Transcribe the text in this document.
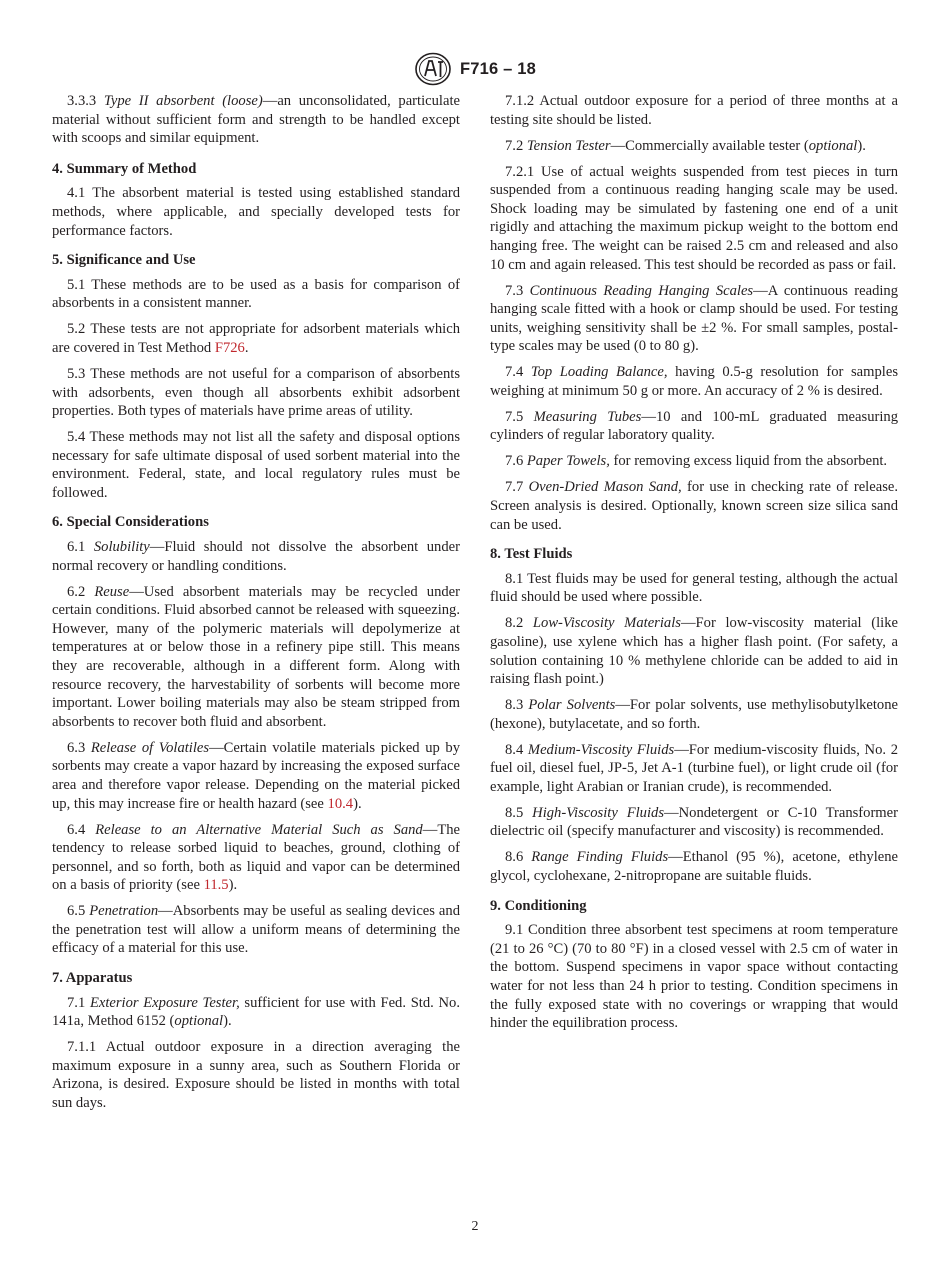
F716 – 18

3.3.3 Type II absorbent (loose)—an unconsolidated, particulate material without sufficient form and strength to be handled except with scoops and similar equipment.

4. Summary of Method

4.1 The absorbent material is tested using established standard methods, where applicable, and specially developed tests for performance factors.

5. Significance and Use

5.1 These methods are to be used as a basis for comparison of absorbents in a consistent manner.

5.2 These tests are not appropriate for adsorbent materials which are covered in Test Method F726.

5.3 These methods are not useful for a comparison of absorbents with adsorbents, even though all absorbents exhibit adsorbent properties. Both types of materials have prime areas of utility.

5.4 These methods may not list all the safety and disposal options necessary for safe ultimate disposal of used sorbent material into the environment. Federal, state, and local regulatory rules must be followed.

6. Special Considerations

6.1 Solubility—Fluid should not dissolve the absorbent under normal recovery or handling conditions.

6.2 Reuse—Used absorbent materials may be recycled under certain conditions. Fluid absorbed cannot be released with squeezing. However, many of the polymeric materials will depolymerize at temperatures at or below those in a refinery pipe still. This means they are recoverable, although in a different form. Along with resource recovery, the harvestability of sorbents will become more important. Lower boiling materials may also be steam stripped from absorbents to recover both fluid and absorbent.

6.3 Release of Volatiles—Certain volatile materials picked up by sorbents may create a vapor hazard by increasing the exposed surface area and therefore vapor release. Depending on the material picked up, this may increase fire or health hazard (see 10.4).

6.4 Release to an Alternative Material Such as Sand—The tendency to release sorbed liquid to beaches, ground, clothing of personnel, and so forth, both as liquid and vapor can be determined on a basis of priority (see 11.5).

6.5 Penetration—Absorbents may be useful as sealing devices and the penetration test will allow a uniform means of determining the efficacy of a material for this use.

7. Apparatus

7.1 Exterior Exposure Tester, sufficient for use with Fed. Std. No. 141a, Method 6152 (optional).

7.1.1 Actual outdoor exposure in a direction averaging the maximum exposure in a sunny area, such as Southern Florida or Arizona, is desired. Exposure should be listed in months with total sun days.

7.1.2 Actual outdoor exposure for a period of three months at a testing site should be listed.

7.2 Tension Tester—Commercially available tester (optional).

7.2.1 Use of actual weights suspended from test pieces in turn suspended from a continuous reading hanging scale may be used. Shock loading may be simulated by fastening one end of a unit rigidly and attaching the maximum pickup weight to the bottom end hanging free. The weight can be raised 2.5 cm and released and also 10 cm and again released. This test should be recorded as pass or fail.

7.3 Continuous Reading Hanging Scales—A continuous reading hanging scale fitted with a hook or clamp should be used. For testing units, weighing sensitivity shall be ±2 %. For small samples, postal-type scales may be used (0 to 80 g).

7.4 Top Loading Balance, having 0.5-g resolution for samples weighing at minimum 50 g or more. An accuracy of 2 % is desired.

7.5 Measuring Tubes—10 and 100-mL graduated measuring cylinders of regular laboratory quality.

7.6 Paper Towels, for removing excess liquid from the absorbent.

7.7 Oven-Dried Mason Sand, for use in checking rate of release. Screen analysis is desired. Optionally, known screen size silica sand can be used.

8. Test Fluids

8.1 Test fluids may be used for general testing, although the actual fluid should be used where possible.

8.2 Low-Viscosity Materials—For low-viscosity material (like gasoline), use xylene which has a higher flash point. (For safety, a solution containing 10 % methylene chloride can be added to aid in raising flash point.)

8.3 Polar Solvents—For polar solvents, use methylisobutylketone (hexone), butylacetate, and so forth.

8.4 Medium-Viscosity Fluids—For medium-viscosity fluids, No. 2 fuel oil, diesel fuel, JP-5, Jet A-1 (turbine fuel), or light crude oil (for example, light Arabian or Iranian crude), is recommended.

8.5 High-Viscosity Fluids—Nondetergent or C-10 Transformer dielectric oil (specify manufacturer and viscosity) is recommended.

8.6 Range Finding Fluids—Ethanol (95 %), acetone, ethylene glycol, cyclohexane, 2-nitropropane are suitable fluids.

9. Conditioning

9.1 Condition three absorbent test specimens at room temperature (21 to 26 °C) (70 to 80 °F) in a closed vessel with 2.5 cm of water in the bottom. Suspend specimens in vapor space without contacting water for not less than 24 h prior to testing. Condition specimens in the fully exposed state with no coverings or wrapping that would hinder the equilibration process.

2
